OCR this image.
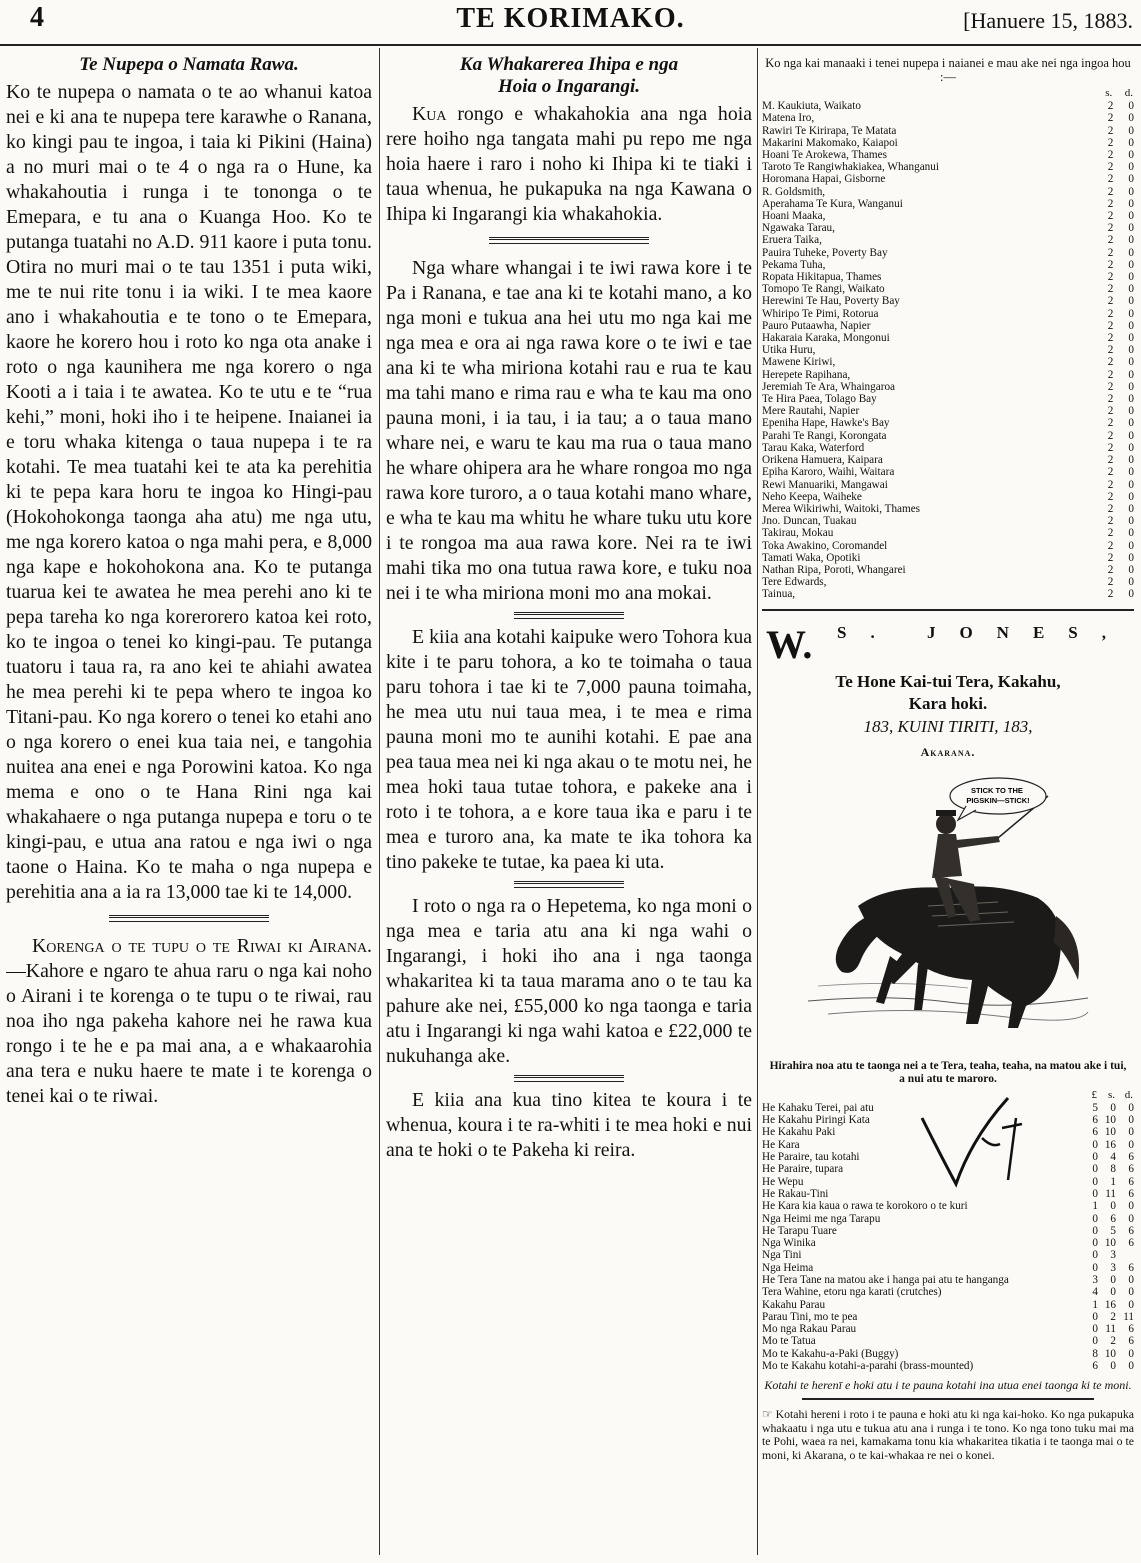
4	TE KORIMAKO.	[Hanuere 15, 1883.
Te Nupepa o Namata Rawa.

Ko te nupepa o namata o te ao whanui katoa nei e ki ana te nupepa tere karawhe o Ranana, ko kingi pau te ingoa, i taia ki Pikini (Haina) a no muri mai o te 4 o nga ra o Hune, ka whakahoutia i runga i te tononga o te Emepara, e tu ana o Kuanga Hoo. Ko te putanga tuatahi no A.D. 911 kaore i puta tonu. Otira no muri mai o te tau 1351 i puta wiki, me te nui rite tonu i ia wiki. I te mea kaore ano i whakahoutia e te tono o te Emepara, kaore he korero hou i roto ko nga ota anake i roto o nga kaunihera me nga korero o nga Kooti a i taia i te awatea. Ko te utu e te “rua kehi,” moni, hoki iho i te heipene. Inaianei ia e toru whaka kitenga o taua nupepa i te ra kotahi. Te mea tuatahi kei te ata ka perehitia ki te pepa kara horu te ingoa ko Hingi-pau (Hokohokonga taonga aha atu) me nga utu, me nga korero katoa o nga mahi pera, e 8,000 nga kape e hokohokona ana. Ko te putanga tuarua kei te awatea he mea perehi ano ki te pepa tareha ko nga korerorero katoa kei roto, ko te ingoa o tenei ko kingi-pau. Te putanga tuatoru i taua ra, ra ano kei te ahiahi awatea he mea perehi ki te pepa whero te ingoa ko Titani-pau. Ko nga korero o tenei ko etahi ano o nga korero o enei kua taia nei, e tangohia nuitea ana enei e nga Porowini katoa. Ko nga mema e ono o te Hana Rini nga kai whakahaere o nga putanga nupepa e toru o te kingi-pau, e utua ana ratou e nga iwi o nga taone o Haina. Ko te maha o nga nupepa e perehitia ana a ia ra 13,000 tae ki te 14,000.

Korenga o te tupu o te Riwai ki Airana.—Kahore e ngaro te ahua raru o nga kai noho o Airani i te korenga o te tupu o te riwai, rau noa iho nga pakeha kahore nei he rawa kua rongo i te he e pa mai ana, a e whakaarohia ana tera e nuku haere te mate i te korenga o tenei kai o te riwai.

Ka Whakarerea Ihipa e nga
Hoia o Ingarangi.

Kua rongo e whakahokia ana nga hoia rere hoiho nga tangata mahi pu repo me nga hoia haere i raro i noho ki Ihipa ki te tiaki i taua whenua, he pukapuka na nga Kawana o Ihipa ki Ingarangi kia whakahokia.

Nga whare whangai i te iwi rawa kore i te Pa i Ranana, e tae ana ki te kotahi mano, a ko nga moni e tukua ana hei utu mo nga kai me nga mea e ora ai nga rawa kore o te iwi e tae ana ki te wha miriona kotahi rau e rua te kau ma tahi mano e rima rau e wha te kau ma ono pauna moni, i ia tau, i ia tau; a o taua mano whare nei, e waru te kau ma rua o taua mano he whare ohipera ara he whare rongoa mo nga rawa kore turoro, a o taua kotahi mano whare, e wha te kau ma whitu he whare tuku utu kore i te rongoa ma aua rawa kore. Nei ra te iwi mahi tika mo ona tutua rawa kore, e tuku noa nei i te wha miriona moni mo ana mokai.

E kiia ana kotahi kaipuke wero Tohora kua kite i te paru tohora, a ko te toimaha o taua paru tohora i tae ki te 7,000 pauna toimaha, he mea utu nui taua mea, i te mea e rima pauna moni mo te aunihi kotahi. E pae ana pea taua mea nei ki nga akau o te motu nei, he mea hoki taua tutae tohora, e pakeke ana i roto i te tohora, a e kore taua ika e paru i te mea e turoro ana, ka mate te ika tohora ka tino pakeke te tutae, ka paea ki uta.

I roto o nga ra o Hepetema, ko nga moni o nga mea e taria atu ana ki nga wahi o Ingarangi, i hoki iho ana i nga taonga whakaritea ki ta taua marama ano o te tau ka pahure ake nei, £55,000 ko nga taonga e taria atu i Ingarangi ki nga wahi katoa e £22,000 te nukuhanga ake.

E kiia ana kua tino kitea te koura i te whenua, koura i te ra-whiti i te mea hoki e nui ana te hoki o te Pakeha ki reira.

Ko nga kai manaaki i tenei nupepa i naianei e mau ake nei nga ingoa hou :—
	s.	d.
M. Kaukiuta, Waikato	2	0
Matena Iro,	2	0
Rawiri Te Kirirapa, Te Matata	2	0
Makarini Makomako, Kaiapoi	2	0
Hoani Te Arokewa, Thames	2	0
Taroto Te Rangiwhakiakea, Whanganui	2	0
Horomana Hapai, Gisborne	2	0
R. Goldsmith,	2	0
Aperahama Te Kura, Wanganui	2	0
Hoani Maaka,	2	0
Ngawaka Tarau,	2	0
Eruera Taika,	2	0
Pauira Tuheke, Poverty Bay	2	0
Pekama Tuha,	2	0
Ropata Hikitapua, Thames	2	0
Tomopo Te Rangi, Waikato	2	0
Herewini Te Hau, Poverty Bay	2	0
Whiripo Te Pimi, Rotorua	2	0
Pauro Putaawha, Napier	2	0
Hakaraia Karaka, Mongonui	2	0
Utika Huru,	2	0
Mawene Kiriwi,	2	0
Herepete Rapihana,	2	0
Jeremiah Te Ara, Whaingaroa	2	0
Te Hira Paea, Tolago Bay	2	0
Mere Rautahi, Napier	2	0
Epeniha Hape, Hawke's Bay	2	0
Parahi Te Rangi, Korongata	2	0
Tarau Kaka, Waterford	2	0
Orikena Hamuera, Kaipara	2	0
Epiha Karoro, Waihi, Waitara	2	0
Rewi Manuariki, Mangawai	2	0
Neho Keepa, Waiheke	2	0
Merea Wikiriwhi, Waitoki, Thames	2	0
Jno. Duncan, Tuakau	2	0
Takirau, Mokau	2	0
Toka Awakino, Coromandel	2	0
Tamati Waka, Opotiki	2	0
Nathan Ripa, Poroti, Whangarei	2	0
Tere Edwards,	2	0
Tainua,	2	0
W. S. JONES,
Te Hone Kai-tui Tera, Kakahu,
Kara hoki.
183, KUINI TIRITI, 183,
Akarana.
STICK TO THE PIGSKIN—STICK!
Hirahira noa atu te taonga nei a te Tera, teaha, teaha, na matou ake i tui, a nui atu te maroro.
	£	s.	d.
He Kahaku Terei, pai atu	5	0	0
He Kakahu Piringi Kata	6	10	0
He Kakahu Paki	6	10	0
He Kara	0	16	0
He Paraire, tau kotahi	0	4	6
He Paraire, tupara	0	8	6
He Wepu	0	1	6
He Rakau-Tini	0	11	6
He Kara kia kaua o rawa te korokoro o te kuri	1	0	0
Nga Heimi me nga Tarapu	0	6	0
He Tarapu Tuare	0	5	6
Nga Winika	0	10	6
Nga Tini	0	3	
Nga Heima	0	3	6
He Tera Tane na matou ake i hanga pai atu te hanganga	3	0	0
Tera Wahine, etoru nga karati (crutches)	4	0	0
Kakahu Parau	1	16	0
Parau Tini, mo te pea	0	2	11
Mo nga Rakau Parau	0	11	6
Mo te Tatua	0	2	6
Mo te Kakahu-a-Paki (Buggy)	8	10	0
Mo te Kakahu kotahi-a-parahi (brass-mounted)	6	0	0
Kotahi te herenī e hoki atu i te pauna kotahi ina utua enei taonga ki te moni.
☞ Kotahi hereni i roto i te pauna e hoki atu ki nga kai-hoko. Ko nga pukapuka whakaatu i nga utu e tukua atu ana i runga i te tono. Ko nga tono tuku mai ma te Pohi, waea ra nei, kamakama tonu kia whakaritea tikatia i te taonga mai o te moni, ki Akarana, o te kai-whakaa re nei o konei.
